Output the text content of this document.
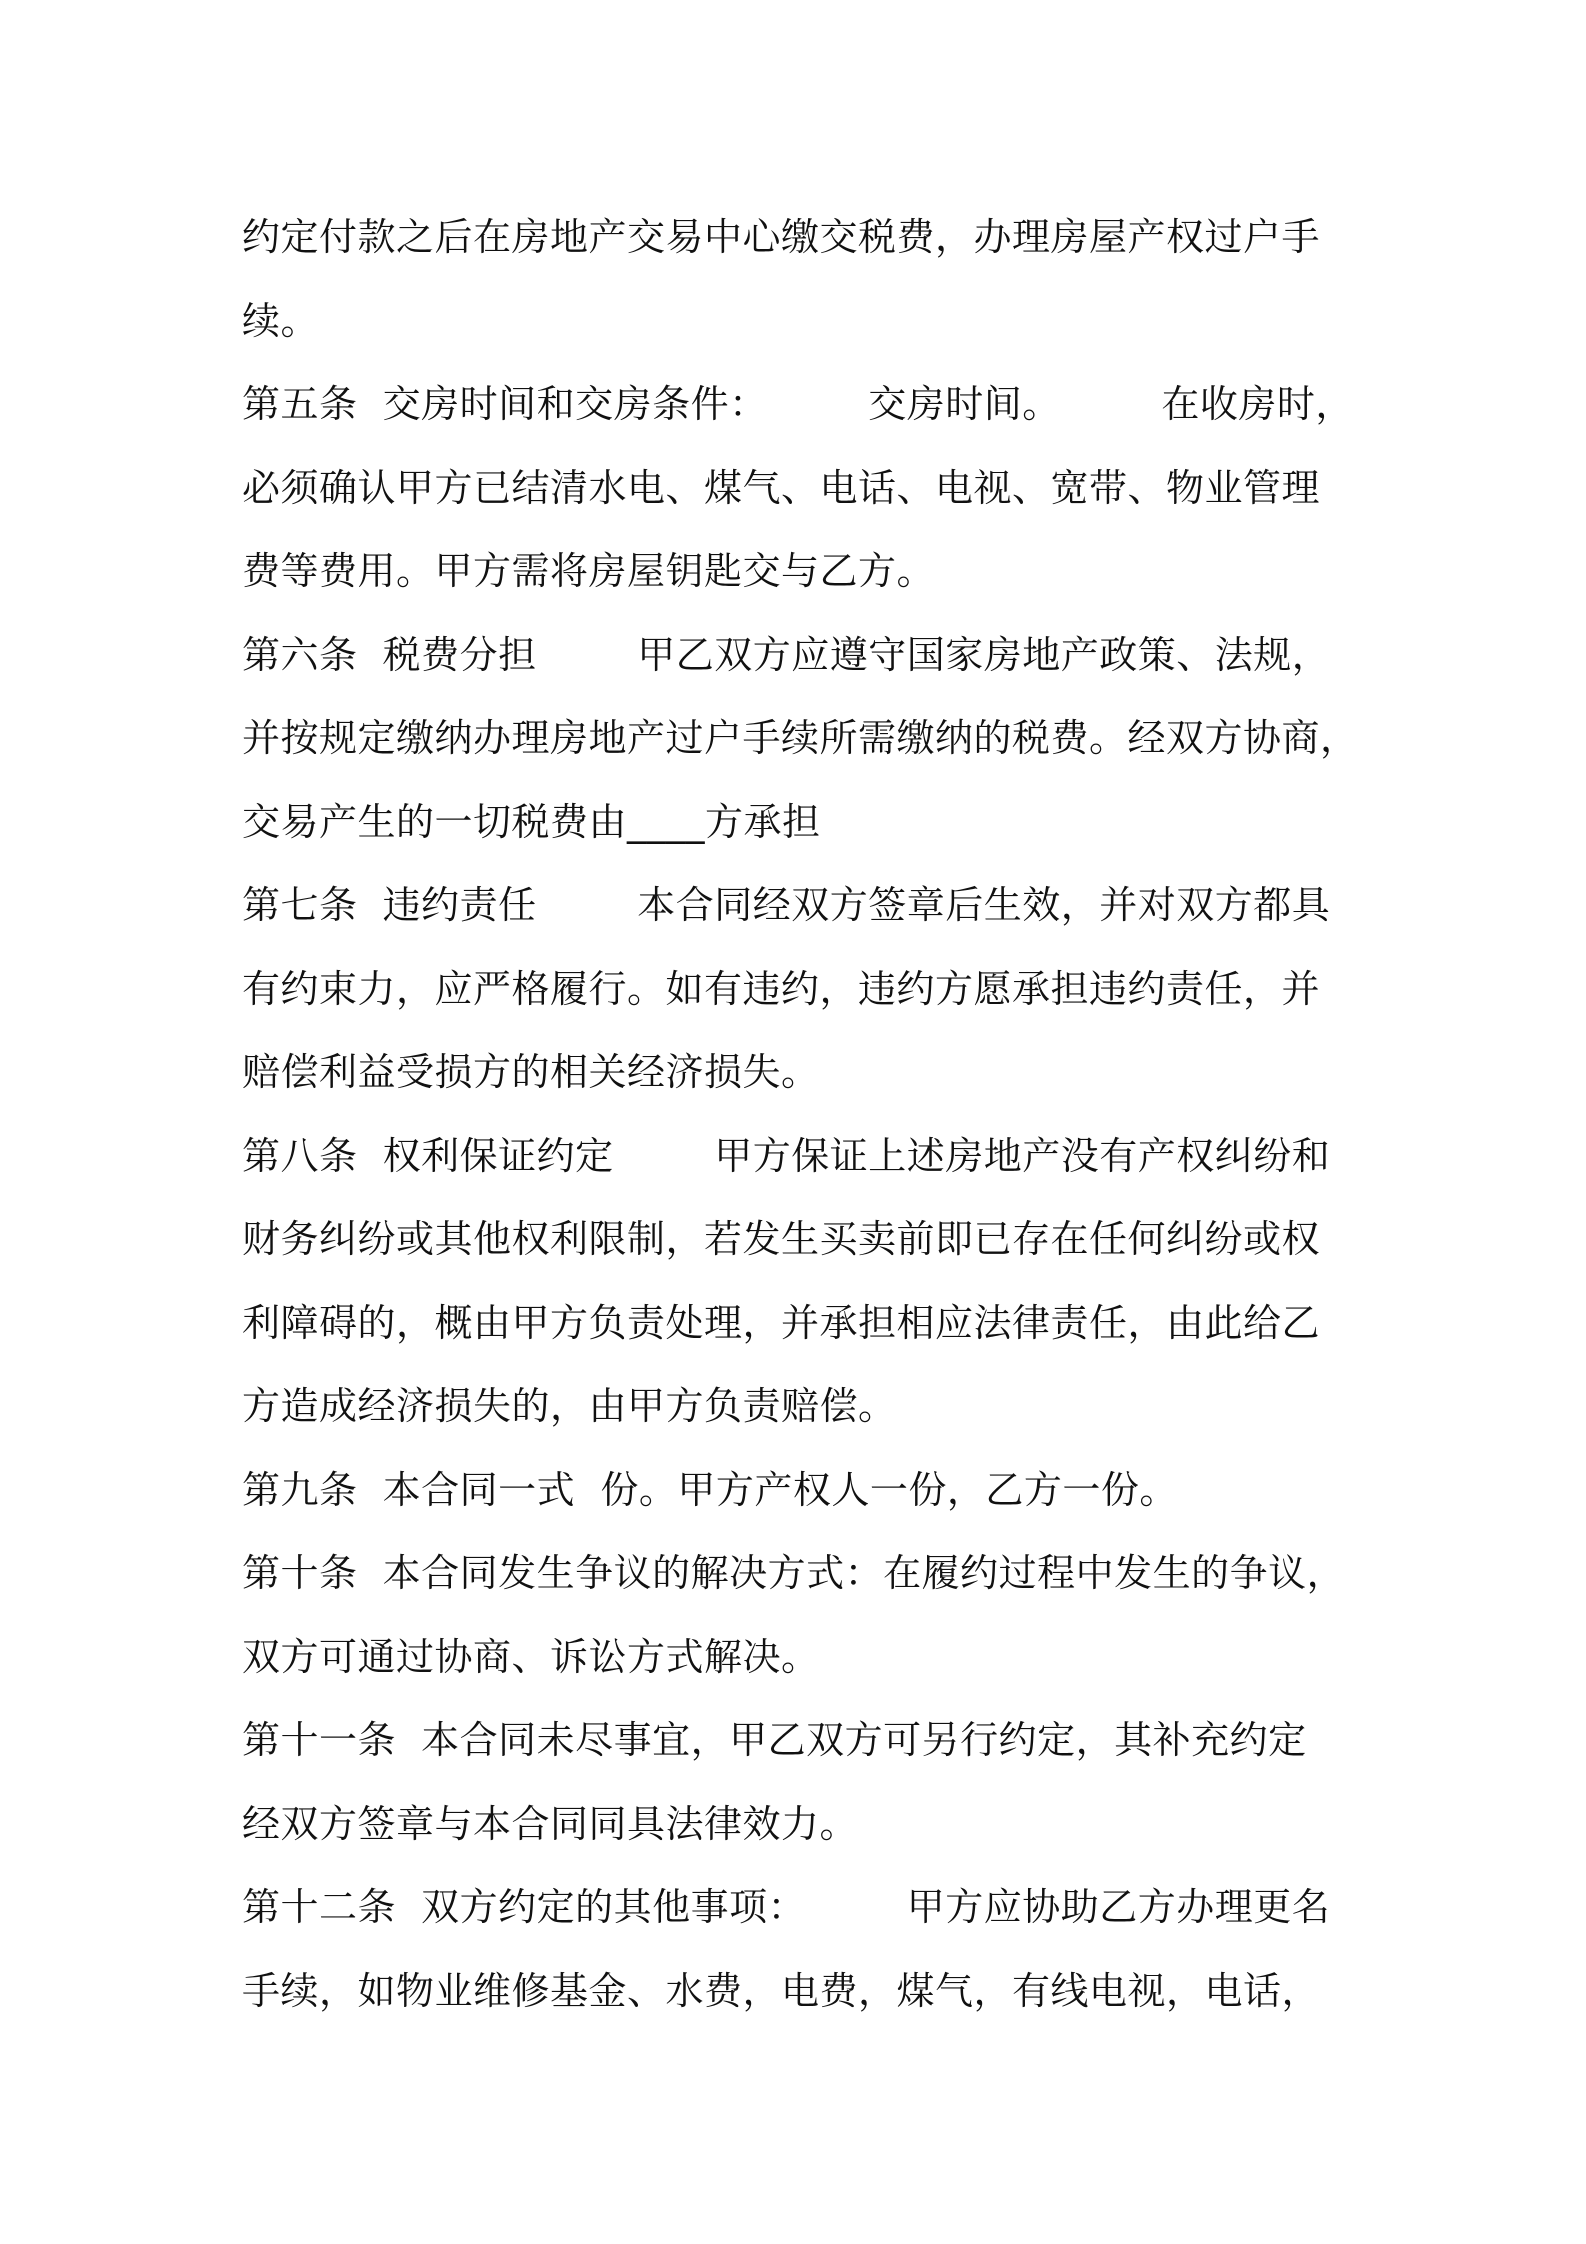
约定付款之后在房地产交易中心缴交税费，办理房屋产权过户手
续。
第五条  交房时间和交房条件：        交房时间。        在收房时，
必须确认甲方已结清水电、煤气、电话、电视、宽带、物业管理
费等费用。甲方需将房屋钥匙交与乙方。
第六条  税费分担        甲乙双方应遵守国家房地产政策、法规，
并按规定缴纳办理房地产过户手续所需缴纳的税费。经双方协商，
交易产生的一切税费由____方承担
第七条  违约责任        本合同经双方签章后生效，并对双方都具
有约束力，应严格履行。如有违约，违约方愿承担违约责任，并
赔偿利益受损方的相关经济损失。
第八条  权利保证约定        甲方保证上述房地产没有产权纠纷和
财务纠纷或其他权利限制，若发生买卖前即已存在任何纠纷或权
利障碍的，概由甲方负责处理，并承担相应法律责任，由此给乙
方造成经济损失的，由甲方负责赔偿。
第九条  本合同一式  份。甲方产权人一份，乙方一份。
第十条  本合同发生争议的解决方式：在履约过程中发生的争议，
双方可通过协商、诉讼方式解决。
第十一条  本合同未尽事宜，甲乙双方可另行约定，其补充约定
经双方签章与本合同同具法律效力。
第十二条  双方约定的其他事项：        甲方应协助乙方办理更名
手续，如物业维修基金、水费，电费，煤气，有线电视，电话，
